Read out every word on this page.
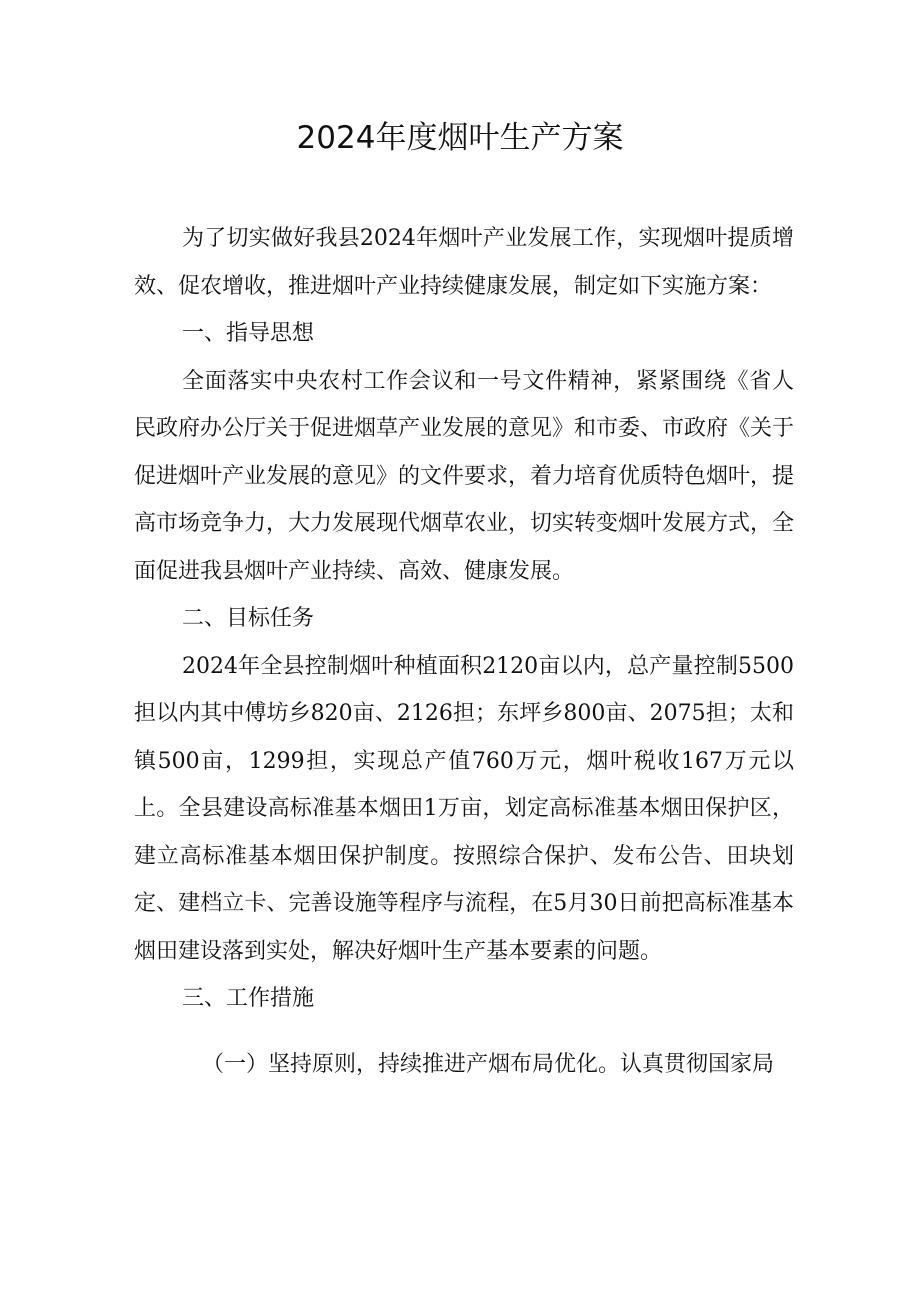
2024年度烟叶生产方案

为了切实做好我县2024年烟叶产业发展工作，实现烟叶提质增效、促农增收，推进烟叶产业持续健康发展，制定如下实施方案：

一、指导思想

全面落实中央农村工作会议和一号文件精神，紧紧围绕《省人民政府办公厅关于促进烟草产业发展的意见》和市委、市政府《关于促进烟叶产业发展的意见》的文件要求，着力培育优质特色烟叶，提高市场竞争力，大力发展现代烟草农业，切实转变烟叶发展方式，全面促进我县烟叶产业持续、高效、健康发展。

二、目标任务

2024年全县控制烟叶种植面积2120亩以内，总产量控制5500担以内其中傅坊乡820亩、2126担；东坪乡800亩、2075担；太和镇500亩，1299担，实现总产值760万元，烟叶税收167万元以上。全县建设高标准基本烟田1万亩，划定高标准基本烟田保护区，建立高标准基本烟田保护制度。按照综合保护、发布公告、田块划定、建档立卡、完善设施等程序与流程，在5月30日前把高标准基本烟田建设落到实处，解决好烟叶生产基本要素的问题。

三、工作措施

（一）坚持原则，持续推进产烟布局优化。认真贯彻国家局
